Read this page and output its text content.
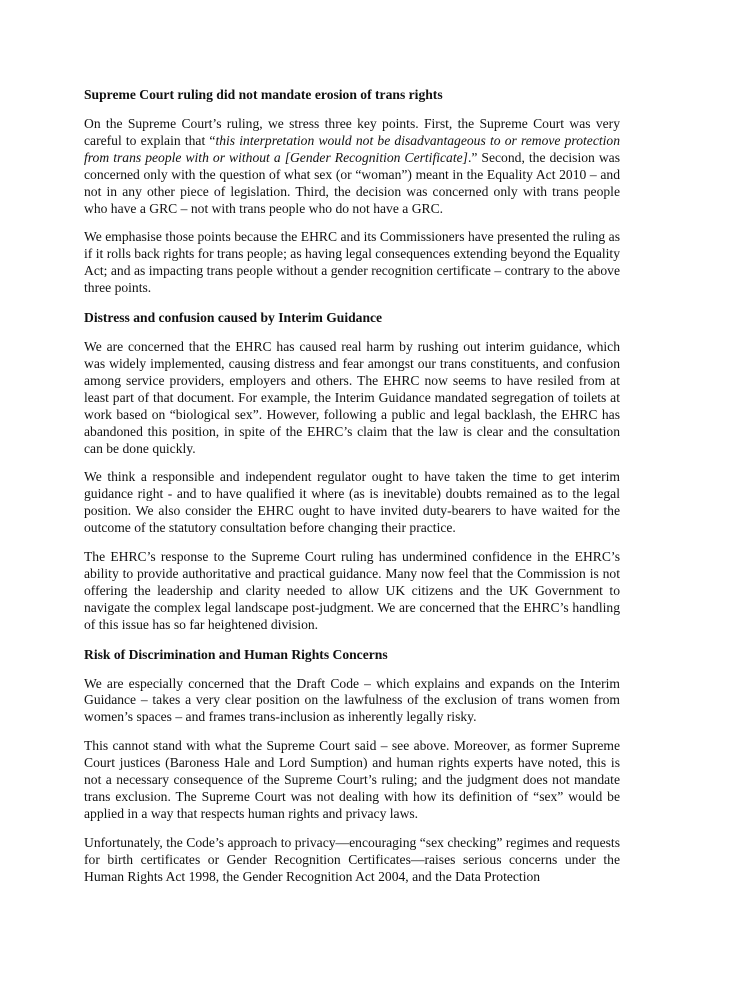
Supreme Court ruling did not mandate erosion of trans rights

On the Supreme Court’s ruling, we stress three key points. First, the Supreme Court was very careful to explain that “this interpretation would not be disadvantageous to or remove protection from trans people with or without a [Gender Recognition Certificate].” Second, the decision was concerned only with the question of what sex (or “woman”) meant in the Equality Act 2010 – and not in any other piece of legislation. Third, the decision was concerned only with trans people who have a GRC – not with trans people who do not have a GRC.

We emphasise those points because the EHRC and its Commissioners have presented the ruling as if it rolls back rights for trans people; as having legal consequences extending beyond the Equality Act; and as impacting trans people without a gender recognition certificate – contrary to the above three points.

Distress and confusion caused by Interim Guidance

We are concerned that the EHRC has caused real harm by rushing out interim guidance, which was widely implemented, causing distress and fear amongst our trans constituents, and confusion among service providers, employers and others. The EHRC now seems to have resiled from at least part of that document. For example, the Interim Guidance mandated segregation of toilets at work based on “biological sex”. However, following a public and legal backlash, the EHRC has abandoned this position, in spite of the EHRC’s claim that the law is clear and the consultation can be done quickly.

We think a responsible and independent regulator ought to have taken the time to get interim guidance right - and to have qualified it where (as is inevitable) doubts remained as to the legal position. We also consider the EHRC ought to have invited duty-bearers to have waited for the outcome of the statutory consultation before changing their practice.

The EHRC’s response to the Supreme Court ruling has undermined confidence in the EHRC’s ability to provide authoritative and practical guidance. Many now feel that the Commission is not offering the leadership and clarity needed to allow UK citizens and the UK Government to navigate the complex legal landscape post-judgment. We are concerned that the EHRC’s handling of this issue has so far heightened division.

Risk of Discrimination and Human Rights Concerns

We are especially concerned that the Draft Code – which explains and expands on the Interim Guidance – takes a very clear position on the lawfulness of the exclusion of trans women from women’s spaces – and frames trans-inclusion as inherently legally risky.

This cannot stand with what the Supreme Court said – see above. Moreover, as former Supreme Court justices (Baroness Hale and Lord Sumption) and human rights experts have noted, this is not a necessary consequence of the Supreme Court’s ruling; and the judgment does not mandate trans exclusion. The Supreme Court was not dealing with how its definition of “sex” would be applied in a way that respects human rights and privacy laws.

Unfortunately, the Code’s approach to privacy—encouraging “sex checking” regimes and requests for birth certificates or Gender Recognition Certificates—raises serious concerns under the Human Rights Act 1998, the Gender Recognition Act 2004, and the Data Protection
